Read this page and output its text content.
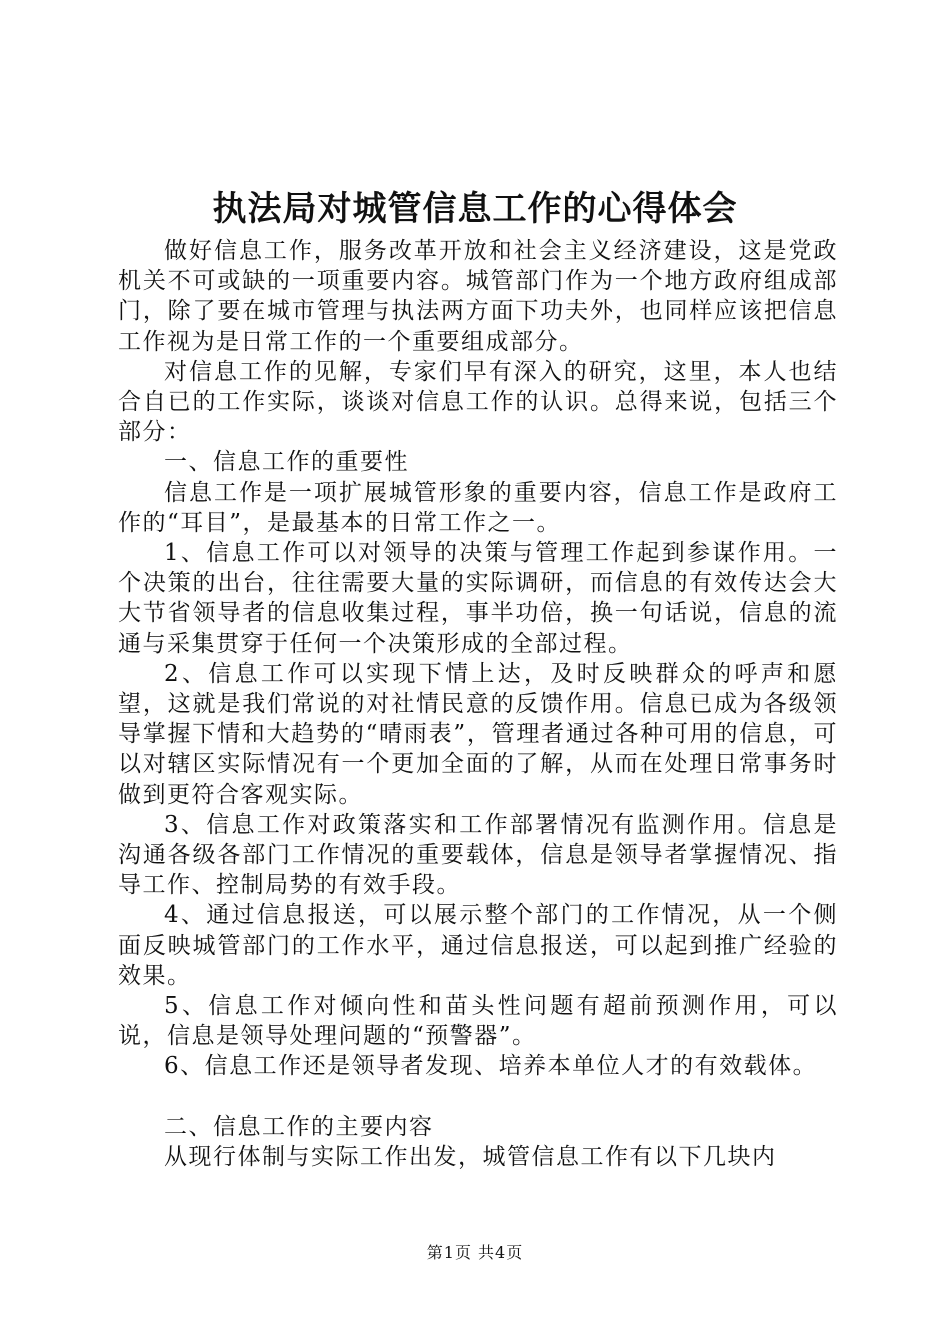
执法局对城管信息工作的心得体会

做好信息工作，服务改革开放和社会主义经济建设，这是党政机关不可或缺的一项重要内容。城管部门作为一个地方政府组成部门，除了要在城市管理与执法两方面下功夫外，也同样应该把信息工作视为是日常工作的一个重要组成部分。

对信息工作的见解，专家们早有深入的研究，这里，本人也结合自已的工作实际，谈谈对信息工作的认识。总得来说，包括三个部分：

一、信息工作的重要性

信息工作是一项扩展城管形象的重要内容，信息工作是政府工作的“耳目”，是最基本的日常工作之一。

1、信息工作可以对领导的决策与管理工作起到参谋作用。一个决策的出台，往往需要大量的实际调研，而信息的有效传达会大大节省领导者的信息收集过程，事半功倍，换一句话说，信息的流通与采集贯穿于任何一个决策形成的全部过程。

2、信息工作可以实现下情上达，及时反映群众的呼声和愿望，这就是我们常说的对社情民意的反馈作用。信息已成为各级领导掌握下情和大趋势的“晴雨表”，管理者通过各种可用的信息，可以对辖区实际情况有一个更加全面的了解，从而在处理日常事务时做到更符合客观实际。

3、信息工作对政策落实和工作部署情况有监测作用。信息是沟通各级各部门工作情况的重要载体，信息是领导者掌握情况、指导工作、控制局势的有效手段。

4、通过信息报送，可以展示整个部门的工作情况，从一个侧面反映城管部门的工作水平，通过信息报送，可以起到推广经验的效果。

5、信息工作对倾向性和苗头性问题有超前预测作用，可以说，信息是领导处理问题的“预警器”。

6、信息工作还是领导者发现、培养本单位人才的有效载体。

二、信息工作的主要内容

从现行体制与实际工作出发，城管信息工作有以下几块内

第1页 共4页
